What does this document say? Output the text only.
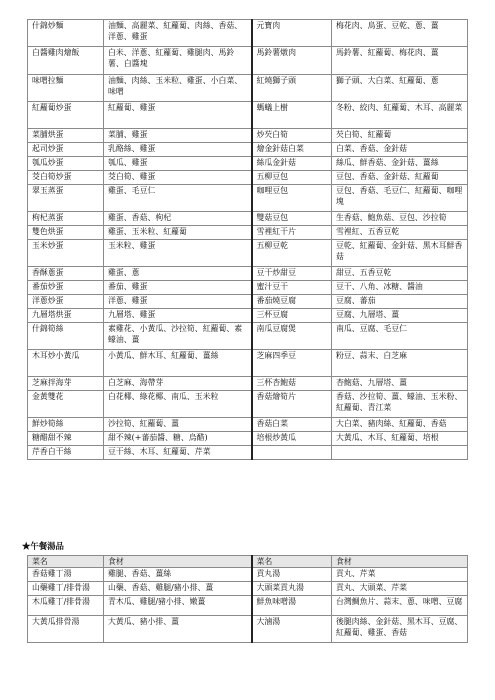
什錦炒麵	油麵、高麗菜、紅蘿蔔、肉絲、香菇、洋蔥、雞蛋	元寶肉	梅花肉、鳥蛋、豆乾、蔥、薑
白醬雞肉燴飯	白米、洋蔥、紅蘿蔔、雞腿肉、馬鈴薯、白醬塊	馬鈴薯燉肉	馬鈴薯、紅蘿蔔、梅花肉、薑
味噌拉麵	油麵、肉絲、玉米粒、雞蛋、小白菜、味噌	紅燒獅子頭	獅子頭、大白菜、紅蘿蔔、蔥
紅蘿蔔炒蛋	紅蘿蔔、雞蛋	螞蟻上樹	冬粉、絞肉、紅蘿蔔、木耳、高麗菜
菜脯烘蛋	菜脯、雞蛋	炒芡白筍	芡白筍、紅蘿蔔
起司炒蛋	乳酪絲、雞蛋	燴金針菇白菜	白菜、香菇、金針菇
瓠瓜炒蛋	瓠瓜、雞蛋	絲瓜金針菇	絲瓜、鮮香菇、金針菇、薑絲
茭白筍炒蛋	茭白筍、雞蛋	五柳豆包	豆包、香菇、金針菇、紅蘿蔔
翠玉蒸蛋	雞蛋、毛豆仁	咖哩豆包	豆包、香菇、毛豆仁、紅蘿蔔、咖哩塊
枸杞蒸蛋	雞蛋、香菇、枸杞	雙菇豆包	生香菇、鮑魚菇、豆包、沙拉筍
雙色烘蛋	雞蛋、玉米粒、紅蘿蔔	雪裡紅干片	雪裡紅、五香豆乾
玉米炒蛋	玉米粒、雞蛋	五柳豆乾	豆乾、紅蘿蔔、金針菇、黑木耳鮮香菇
香酥蔥蛋	雞蛋、蔥	豆干炒甜豆	甜豆、五香豆乾
番茄炒蛋	番茄、雞蛋	蜜汁豆干	豆干、八角、冰糖、醬油
洋蔥炒蛋	洋蔥、雞蛋	番茄燒豆腐	豆腐、蕃茄
九層塔烘蛋	九層塔、雞蛋	三杯豆腐	豆腐、九層塔、薑
什錦筍絲	素雞花、小黃瓜、沙拉筍、紅蘿蔔、素蠔油、薑	南瓜豆腐煲	南瓜、豆腐、毛豆仁
木耳炒小黃瓜	小黃瓜、鮮木耳、紅蘿蔔、薑絲	芝麻四季豆	粉豆、蒜末、白芝麻
芝麻拌海芽	白芝麻、海帶芽	三杯杏鮑菇	杏鮑菇、九層塔、薑
金黃雙花	白花椰、綠花椰、南瓜、玉米粒	香菇燴筍片	香菇、沙拉筍、薑、蠔油、玉米粉、紅蘿蔔、青江菜
鮮炒筍絲	沙拉筍、紅蘿蔔、薑	香菇白菜	大白菜、豬肉絲、紅蘿蔔、香菇
糖醋甜不辣	甜不辣(+蕃茄醬、糖、烏醋)	培根炒黃瓜	大黃瓜、木耳、紅蘿蔔、培根
芹香白干絲	豆干絲、木耳、紅蘿蔔、芹菜		
★午餐湯品
菜名	食材	菜名	食材
香菇雞丁湯	雞腿、香菇、薑絲	貢丸湯	貢丸、芹菜
山藥雞丁/排骨湯	山藥、香菇、雞腿/豬小排、薑	大頭菜貢丸湯	貢丸、大頭菜、芹菜
木瓜雞丁/排骨湯	青木瓜、雞腿/豬小排、嫩薑	鮮魚味噌湯	台灣鯛魚片、蒜末、蔥、味噌、豆腐
大黃瓜排骨湯	大黃瓜、豬小排、薑	大滷湯	後腿肉絲、金針菇、黑木耳、豆腐、紅蘿蔔、雞蛋、香菇
